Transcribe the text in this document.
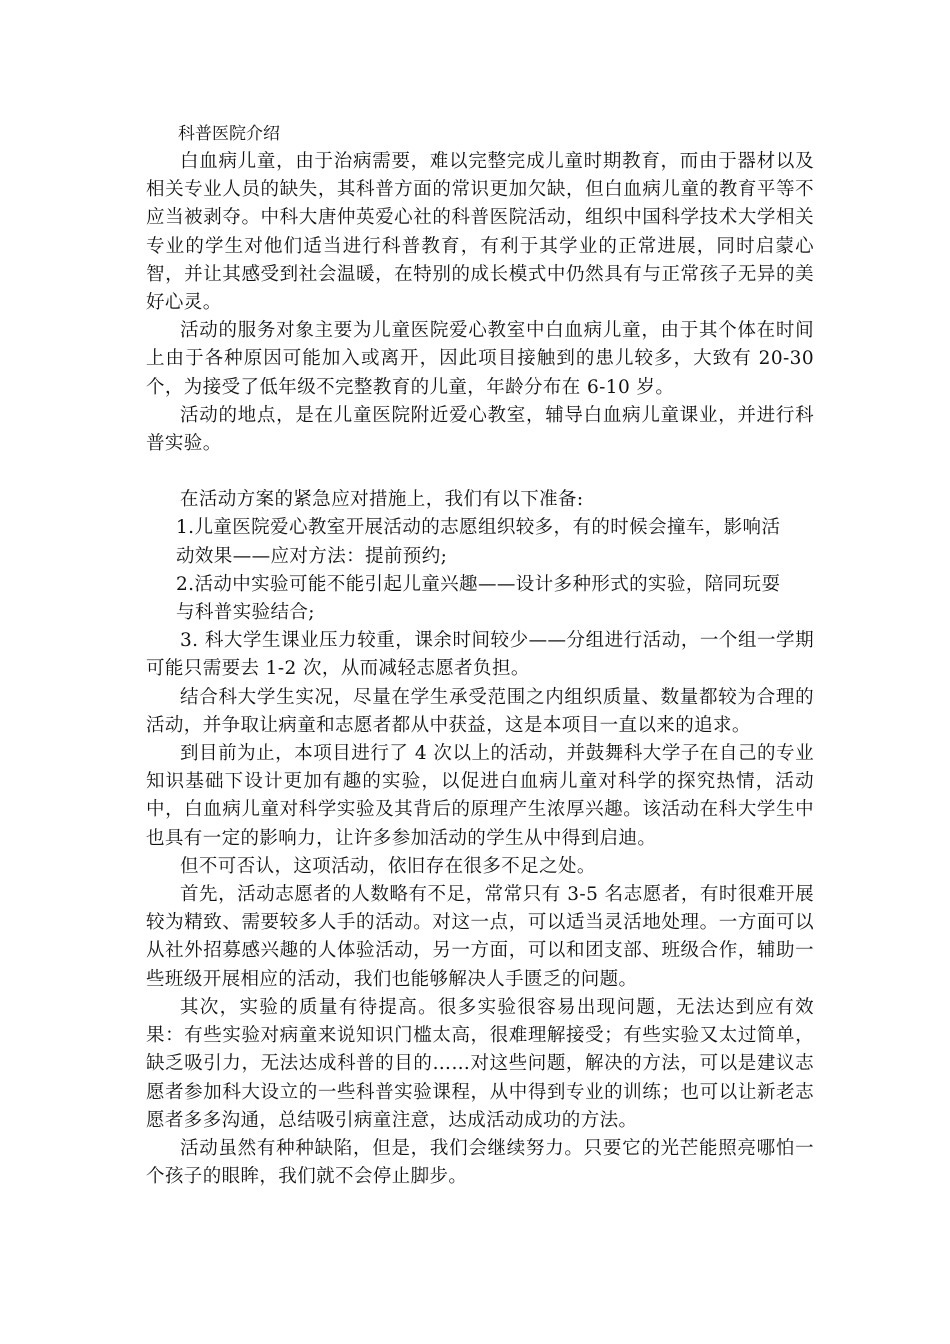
科普医院介绍

白血病儿童，由于治病需要，难以完整完成儿童时期教育，而由于器材以及相关专业人员的缺失，其科普方面的常识更加欠缺，但白血病儿童的教育平等不应当被剥夺。中科大唐仲英爱心社的科普医院活动，组织中国科学技术大学相关专业的学生对他们适当进行科普教育，有利于其学业的正常进展，同时启蒙心智，并让其感受到社会温暖，在特别的成长模式中仍然具有与正常孩子无异的美好心灵。

活动的服务对象主要为儿童医院爱心教室中白血病儿童，由于其个体在时间上由于各种原因可能加入或离开，因此项目接触到的患儿较多，大致有 20-30 个，为接受了低年级不完整教育的儿童，年龄分布在 6-10 岁。

活动的地点，是在儿童医院附近爱心教室，辅导白血病儿童课业，并进行科普实验。

在活动方案的紧急应对措施上，我们有以下准备:

1.儿童医院爱心教室开展活动的志愿组织较多，有的时候会撞车，影响活动效果——应对方法：提前预约;

2.活动中实验可能不能引起儿童兴趣——设计多种形式的实验，陪同玩耍与科普实验结合;

3. 科大学生课业压力较重，课余时间较少——分组进行活动，一个组一学期可能只需要去 1-2 次，从而减轻志愿者负担。

结合科大学生实况，尽量在学生承受范围之内组织质量、数量都较为合理的活动，并争取让病童和志愿者都从中获益，这是本项目一直以来的追求。

到目前为止，本项目进行了 4 次以上的活动，并鼓舞科大学子在自己的专业知识基础下设计更加有趣的实验，以促进白血病儿童对科学的探究热情，活动中，白血病儿童对科学实验及其背后的原理产生浓厚兴趣。该活动在科大学生中也具有一定的影响力，让许多参加活动的学生从中得到启迪。

但不可否认，这项活动，依旧存在很多不足之处。

首先，活动志愿者的人数略有不足，常常只有 3-5 名志愿者，有时很难开展较为精致、需要较多人手的活动。对这一点，可以适当灵活地处理。一方面可以从社外招募感兴趣的人体验活动，另一方面，可以和团支部、班级合作，辅助一些班级开展相应的活动，我们也能够解决人手匮乏的问题。

其次，实验的质量有待提高。很多实验很容易出现问题，无法达到应有效果：有些实验对病童来说知识门槛太高，很难理解接受；有些实验又太过简单，缺乏吸引力，无法达成科普的目的……对这些问题，解决的方法，可以是建议志愿者参加科大设立的一些科普实验课程，从中得到专业的训练；也可以让新老志愿者多多沟通，总结吸引病童注意，达成活动成功的方法。

活动虽然有种种缺陷，但是，我们会继续努力。只要它的光芒能照亮哪怕一个孩子的眼眸，我们就不会停止脚步。
